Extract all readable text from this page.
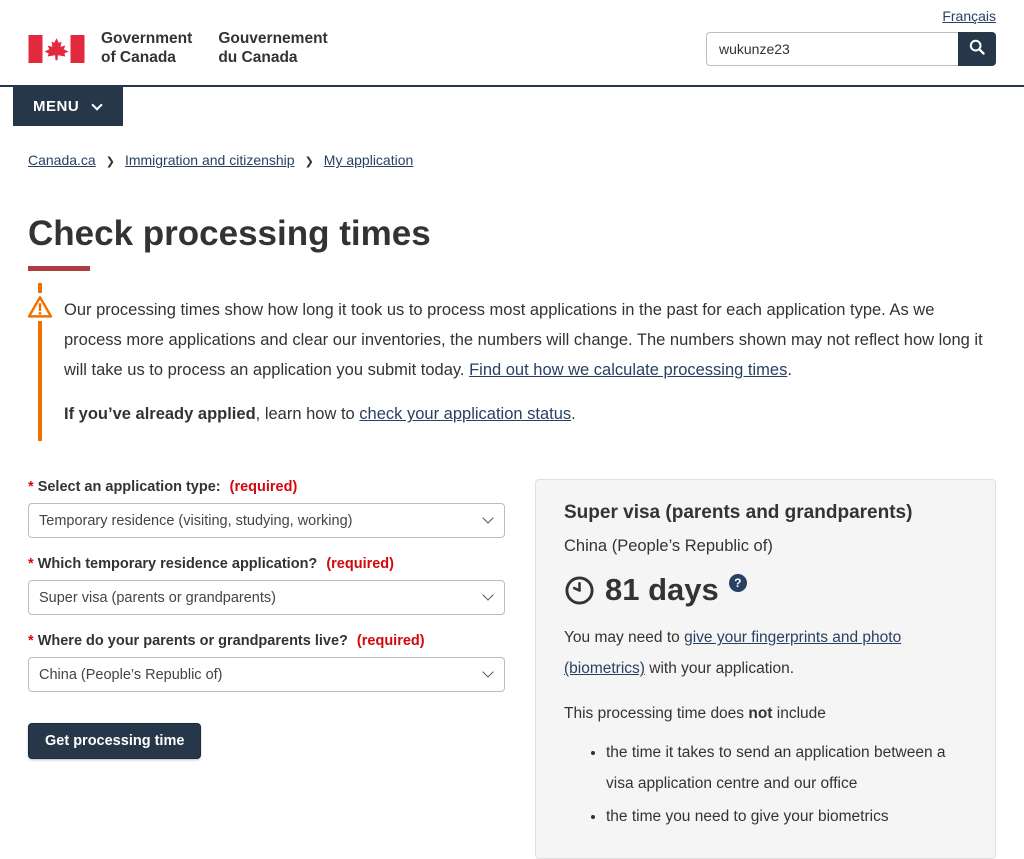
Français
Government
of Canada
Gouvernement
du Canada
wukunze23
MENU
Canada.ca ❯ Immigration and citizenship ❯ My application
Check processing times

Our processing times show how long it took us to process most applications in the past for each application type. As we process more applications and clear our inventories, the numbers will change. The numbers shown may not reflect how long it will take us to process an application you submit today. Find out how we calculate processing times.

If you’ve already applied, learn how to check your application status.

* Select an application type: (required)
Temporary residence (visiting, studying, working)
* Which temporary residence application? (required)
Super visa (parents or grandparents)
* Where do your parents or grandparents live? (required)
China (People’s Republic of)
Get processing time
Super visa (parents and grandparents)
China (People’s Republic of)
81 days	?

You may need to give your fingerprints and photo (biometrics) with your application.

This processing time does not include

• the time it takes to send an application between a visa application centre and our office
• the time you need to give your biometrics
